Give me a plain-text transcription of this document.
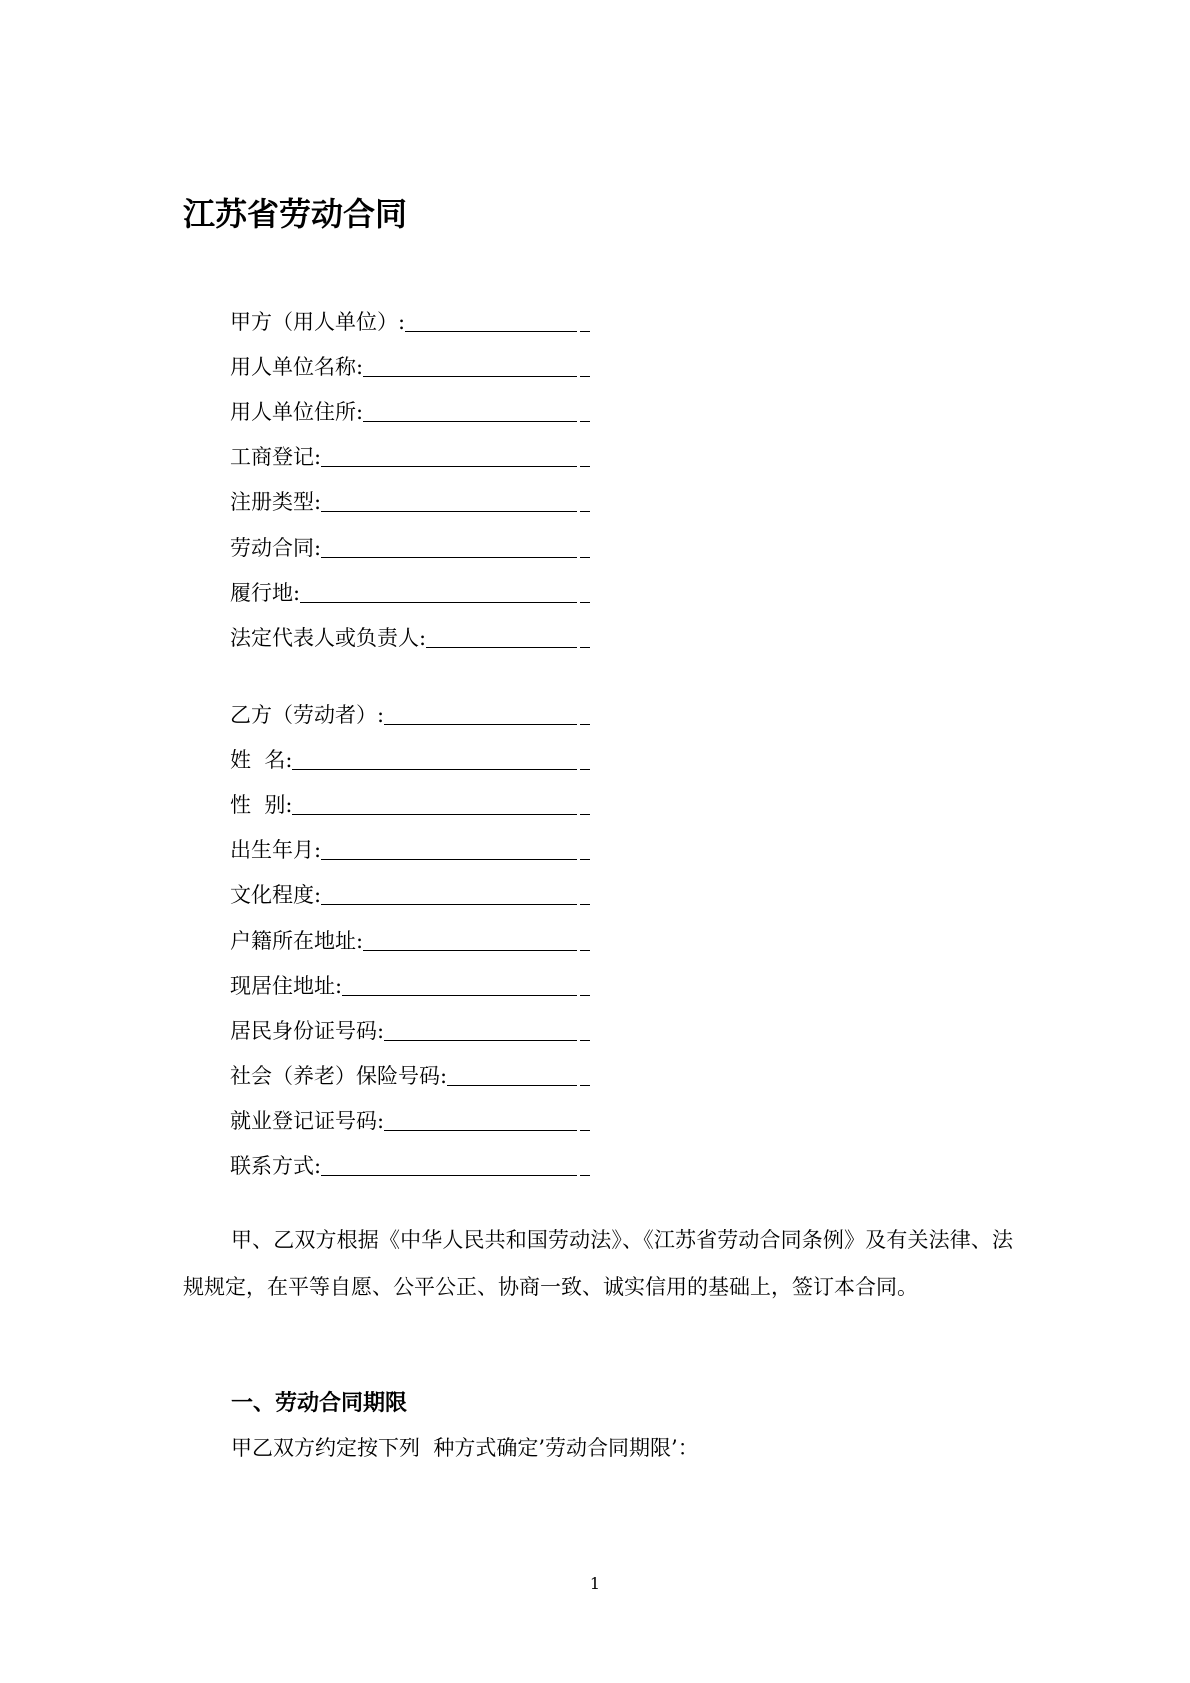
江苏省劳动合同
甲方（用人单位）:
用人单位名称:
用人单位住所:
工商登记:
注册类型:
劳动合同:
履行地:
法定代表人或负责人:
乙方（劳动者）:
姓  名:
性  别:
出生年月:
文化程度:
户籍所在地址:
现居住地址:
居民身份证号码:
社会（养老）保险号码:
就业登记证号码:
联系方式:

甲、乙双方根据《中华人民共和国劳动法》、《江苏省劳动合同条例》及有关法律、法规规定，在平等自愿、公平公正、协商一致、诚实信用的基础上，签订本合同。

一、劳动合同期限

甲乙双方约定按下列  种方式确定’劳动合同期限’：

1
